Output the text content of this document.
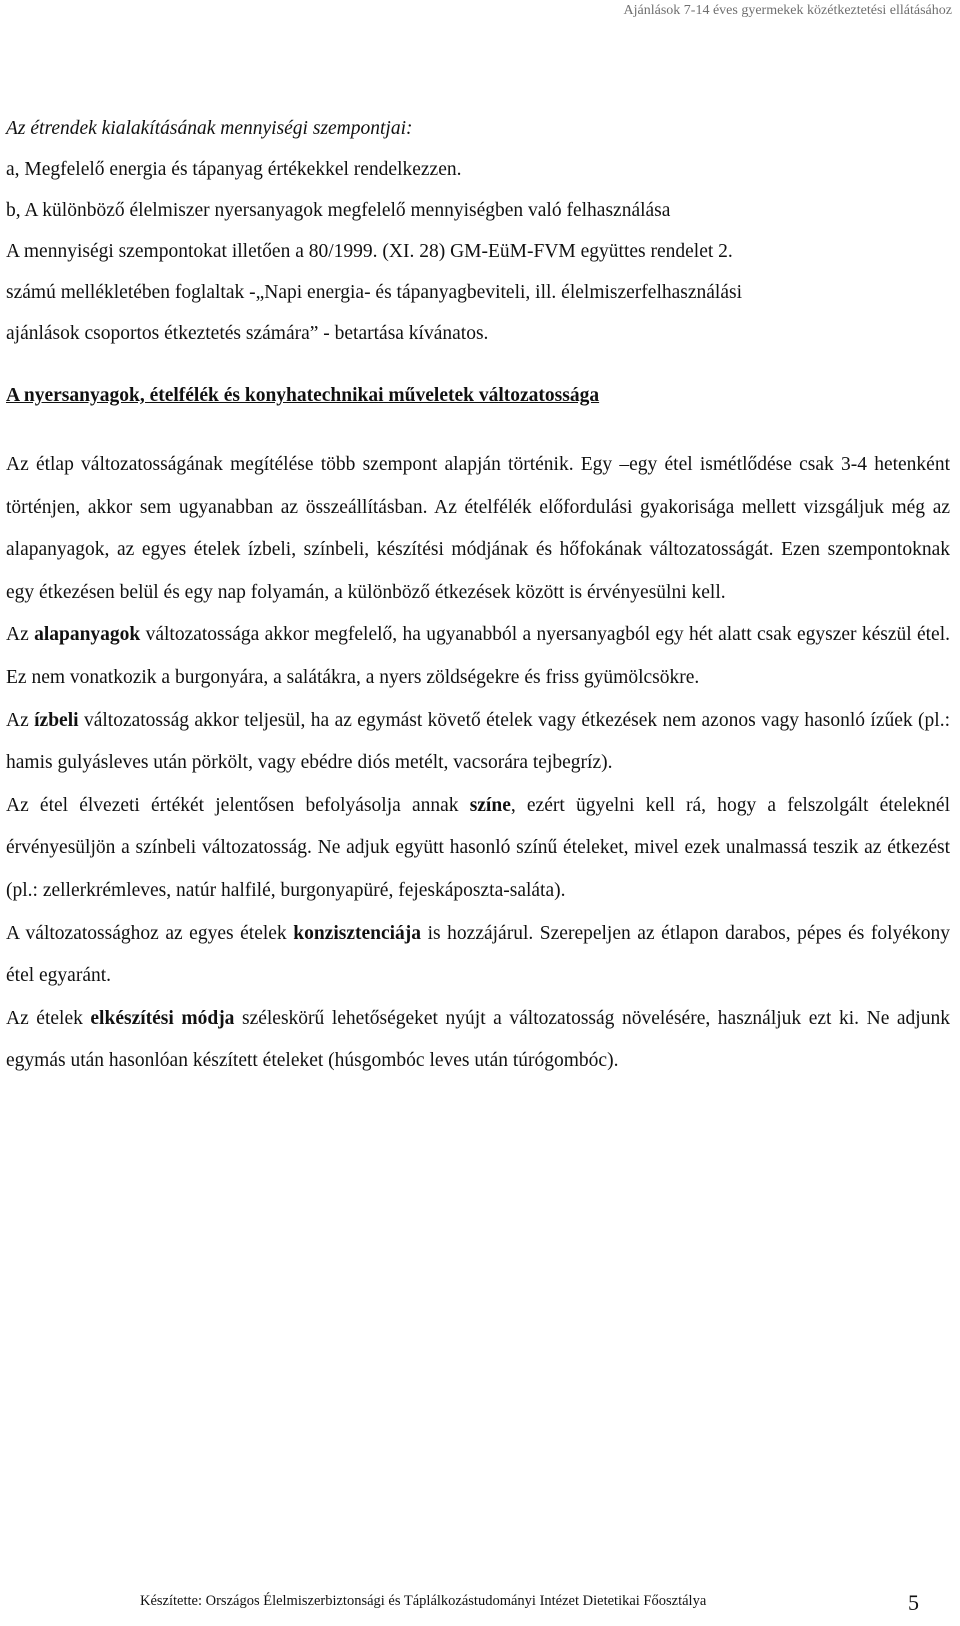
Ajánlások 7-14 éves gyermekek közétkeztetési ellátásához

Az étrendek kialakításának mennyiségi szempontjai:

a, Megfelelő energia és tápanyag értékekkel rendelkezzen.

b, A különböző élelmiszer nyersanyagok megfelelő mennyiségben való felhasználása

A mennyiségi szempontokat illetően a 80/1999. (XI. 28) GM-EüM-FVM együttes rendelet 2.

számú mellékletében foglaltak -„Napi energia- és tápanyagbeviteli, ill. élelmiszerfelhasználási

ajánlások csoportos étkeztetés számára” - betartása kívánatos.

A nyersanyagok, ételfélék és konyhatechnikai műveletek változatossága

Az étlap változatosságának megítélése több szempont alapján történik. Egy –egy étel ismétlődése csak 3-4 hetenként történjen, akkor sem ugyanabban az összeállításban. Az ételfélék előfordulási gyakorisága mellett vizsgáljuk még az alapanyagok, az egyes ételek ízbeli, színbeli, készítési módjának és hőfokának változatosságát. Ezen szempontoknak egy étkezésen belül és egy nap folyamán, a különböző étkezések között is érvényesülni kell.

Az alapanyagok változatossága akkor megfelelő, ha ugyanabból a nyersanyagból egy hét alatt csak egyszer készül étel. Ez nem vonatkozik a burgonyára, a salátákra, a nyers zöldségekre és friss gyümölcsökre.

Az ízbeli változatosság akkor teljesül, ha az egymást követő ételek vagy étkezések nem azonos vagy hasonló ízűek (pl.: hamis gulyásleves után pörkölt, vagy ebédre diós metélt, vacsorára tejbegríz).

Az étel élvezeti értékét jelentősen befolyásolja annak színe, ezért ügyelni kell rá, hogy a felszolgált ételeknél érvényesüljön a színbeli változatosság. Ne adjuk együtt hasonló színű ételeket, mivel ezek unalmassá teszik az étkezést (pl.: zellerkrémleves, natúr halfilé, burgonyapüré, fejeskáposzta-saláta).

A változatossághoz az egyes ételek konzisztenciája is hozzájárul. Szerepeljen az étlapon darabos, pépes és folyékony étel egyaránt.

Az ételek elkészítési módja széleskörű lehetőségeket nyújt a változatosság növelésére, használjuk ezt ki. Ne adjunk egymás után hasonlóan készített ételeket (húsgombóc leves után túrógombóc).

Készítette: Országos Élelmiszerbiztonsági és Táplálkozástudományi Intézet Dietetikai Főosztálya	5
